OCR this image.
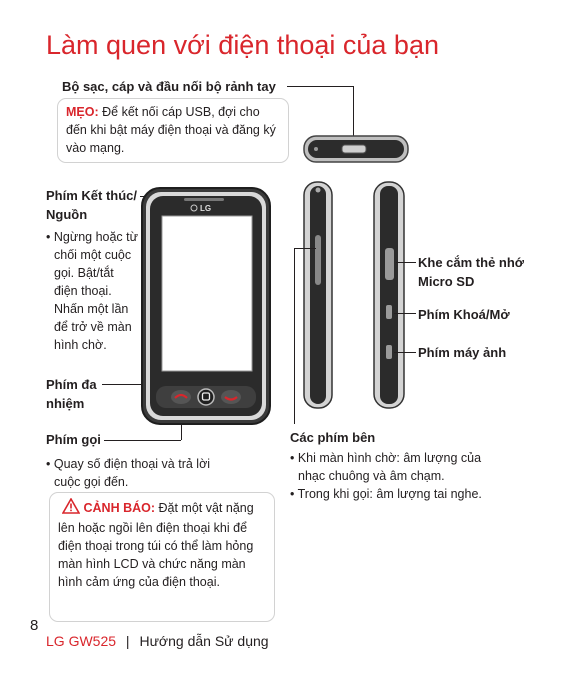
Làm quen với điện thoại của bạn
Bộ sạc, cáp và đầu nối bộ rảnh tay
MẸO: Để kết nối cáp USB, đợi cho đến khi bật máy điện thoại và đăng ký vào mạng.
Phím Kết thúc/ Nguồn
• Ngừng hoặc từ
chối một cuộc
gọi. Bật/tắt
điện thoại.
Nhấn một lần
để trở về màn
hình chờ.
Phím đa nhiệm
Phím gọi
• Quay số điện thoại và trả lời
cuộc gọi đến.
CẢNH BÁO: Đặt một vật nặng lên hoặc ngồi lên điện thoại khi để điện thoại trong túi có thể làm hỏng màn hình LCD và chức năng màn hình cảm ứng của điện thoại.
LG
Khe cắm thẻ nhớ Micro SD
Phím Khoá/Mở
Phím máy ảnh
Các phím bên
• Khi màn hình chờ: âm lượng của
nhạc chuông và âm chạm.
• Trong khi gọi: âm lượng tai nghe.
8
LG GW525 | Hướng dẫn Sử dụng
